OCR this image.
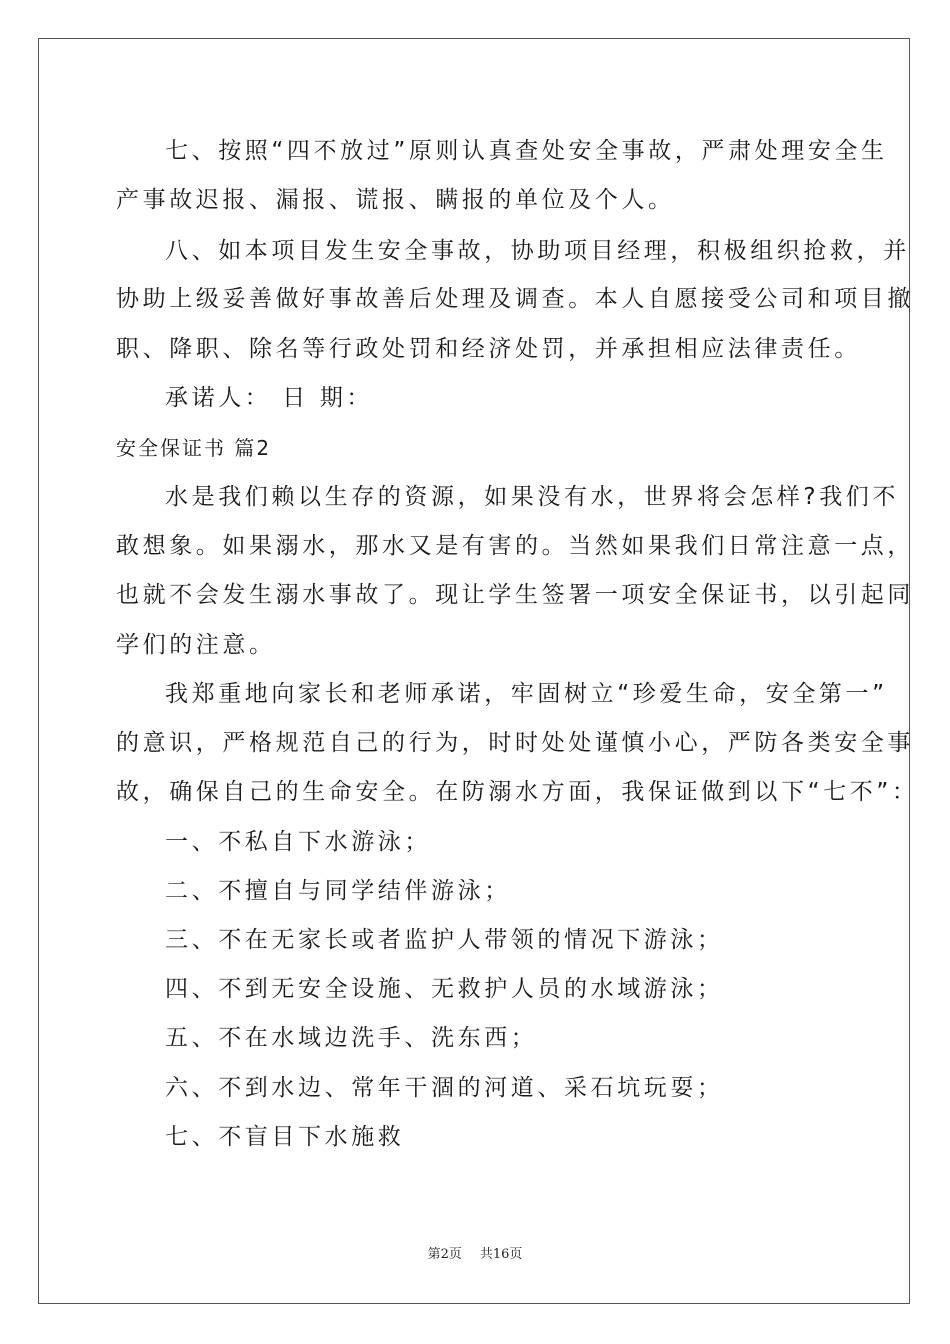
七、按照“四不放过”原则认真查处安全事故，严肃处理安全生
产事故迟报、漏报、谎报、瞒报的单位及个人。
八、如本项目发生安全事故，协助项目经理，积极组织抢救，并
协助上级妥善做好事故善后处理及调查。本人自愿接受公司和项目撤
职、降职、除名等行政处罚和经济处罚，并承担相应法律责任。
承诺人： 日 期：
安全保证书 篇2
水是我们赖以生存的资源，如果没有水，世界将会怎样?我们不
敢想象。如果溺水，那水又是有害的。当然如果我们日常注意一点，
也就不会发生溺水事故了。现让学生签署一项安全保证书，以引起同
学们的注意。
我郑重地向家长和老师承诺，牢固树立“珍爱生命，安全第一”
的意识，严格规范自己的行为，时时处处谨慎小心，严防各类安全事
故，确保自己的生命安全。在防溺水方面，我保证做到以下“七不”：
一、不私自下水游泳；
二、不擅自与同学结伴游泳；
三、不在无家长或者监护人带领的情况下游泳；
四、不到无安全设施、无救护人员的水域游泳；
五、不在水域边洗手、洗东西；
六、不到水边、常年干涸的河道、采石坑玩耍；
七、不盲目下水施救
第2页 共16页
